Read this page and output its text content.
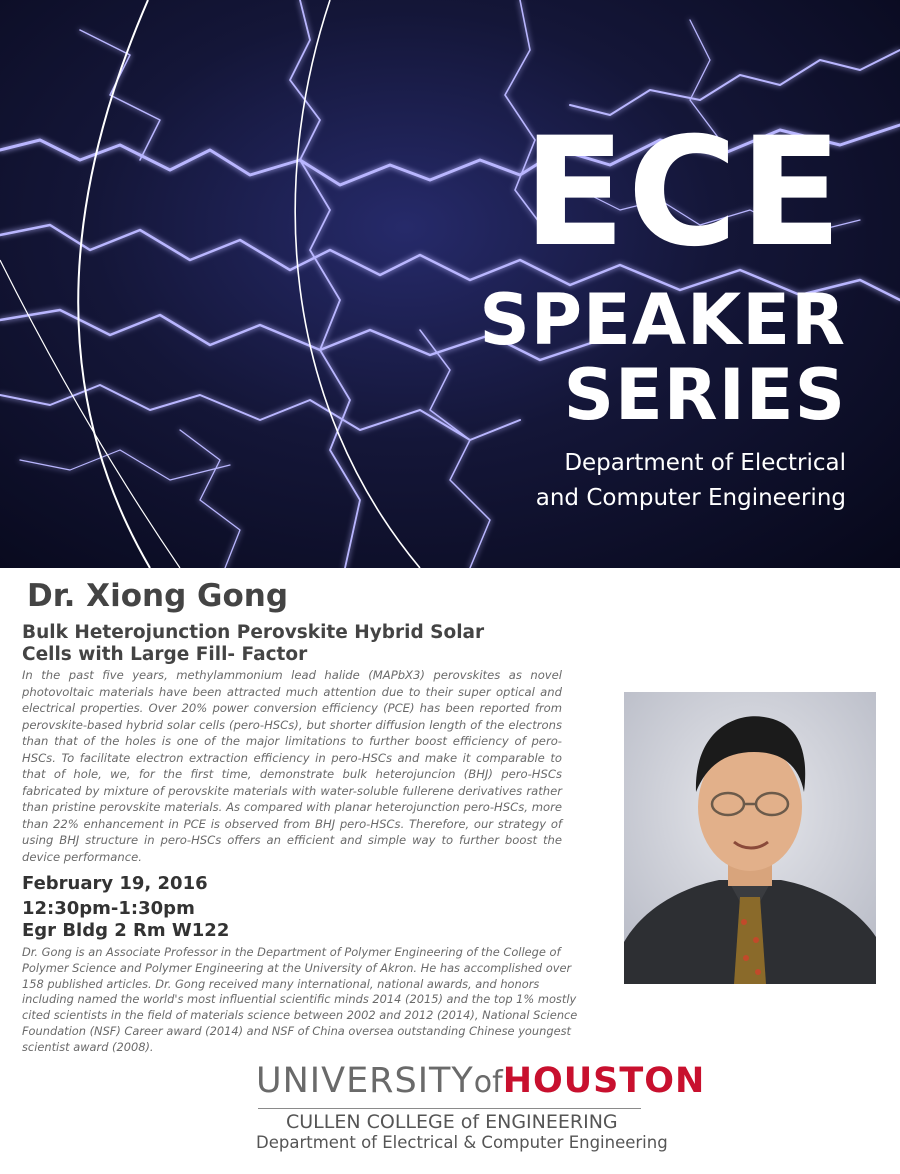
ECE
SPEAKER
SERIES
Department of Electrical
and Computer Engineering
Dr. Xiong Gong
Bulk Heterojunction Perovskite Hybrid Solar Cells with Large Fill- Factor
In the past five years, methylammonium lead halide (MAPbX3) perovskites as novel photovoltaic materials have been attracted much attention due to their super optical and electrical properties. Over 20% power conversion efficiency (PCE) has been reported from perovskite-based hybrid solar cells (pero-HSCs), but shorter diffusion length of the electrons than that of the holes is one of the major limitations to further boost efficiency of pero-HSCs. To facilitate electron extraction efficiency in pero-HSCs and make it comparable to that of hole, we, for the first time, demonstrate bulk heterojuncion (BHJ) pero-HSCs fabricated by mixture of perovskite materials with water-soluble fullerene derivatives rather than pristine perovskite materials. As compared with planar heterojunction pero-HSCs, more than 22% enhancement in PCE is observed from BHJ pero-HSCs. Therefore, our strategy of using BHJ structure in pero-HSCs offers an efficient and simple way to further boost the device performance.
February 19, 2016
12:30pm-1:30pm
Egr Bldg 2 Rm W122
Dr. Gong is an Associate Professor in the Department of Polymer Engineering of the College of Polymer Science and Polymer Engineering at the University of Akron. He has accomplished over 158 published articles. Dr. Gong received many international, national awards, and honors including named the world's most influential scientific minds 2014 (2015) and the top 1% mostly cited scientists in the field of materials science between 2002 and 2012 (2014), National Science Foundation (NSF) Career award (2014) and NSF of China oversea outstanding Chinese youngest scientist award (2008).
UNIVERSITYofHOUSTON
CULLEN COLLEGE of ENGINEERING
Department of Electrical & Computer Engineering
